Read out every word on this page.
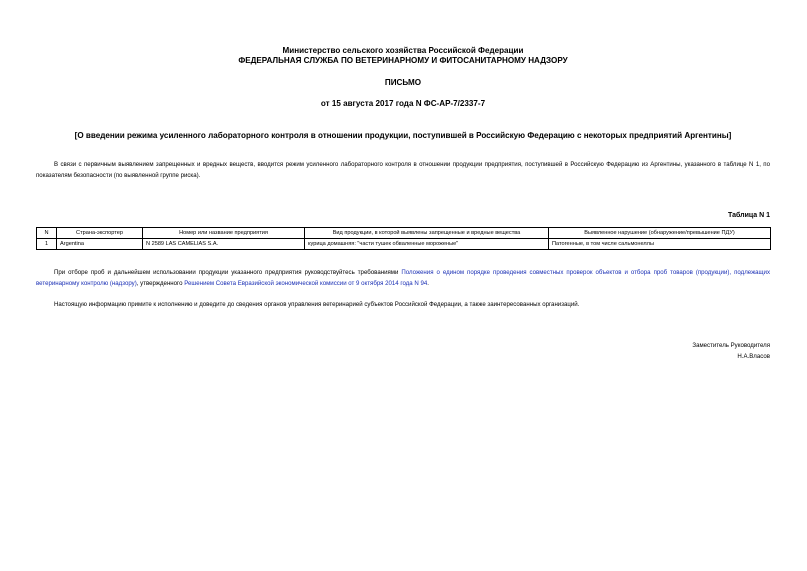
Министерство сельского хозяйства Российской Федерации
ФЕДЕРАЛЬНАЯ СЛУЖБА ПО ВЕТЕРИНАРНОМУ И ФИТОСАНИТАРНОМУ НАДЗОРУ
ПИСЬМО
от 15 августа 2017 года N ФС-АР-7/2337-7
[О введении режима усиленного лабораторного контроля в отношении продукции, поступившей в Российскую Федерацию с некоторых предприятий Аргентины]
В связи с первичным выявлением запрещенных и вредных веществ, вводится режим усиленного лабораторного контроля в отношении продукции предприятия, поступившей в Российскую Федерацию из Аргентины, указанного в таблице N 1, по показателям безопасности (по выявленной группе риска).
Таблица N 1
N	Страна-экспортер	Номер или название предприятия	Вид продукции, в которой выявлены запрещенные и вредные вещества	Выявленное нарушение (обнаружение/превышение ПДУ)
1	Argentina	N 2589 LAS CAMELIAS S.A.	курица домашняя: "части тушек обваленные мороженые"	Патогенные, в том числе сальмонеллы
При отборе проб и дальнейшем использовании продукции указанного предприятия руководствуйтесь требованиями Положения о едином порядке проведения совместных проверок объектов и отбора проб товаров (продукции), подлежащих ветеринарному контролю (надзору), утвержденного Решением Совета Евразийской экономической комиссии от 9 октября 2014 года N 94.
Настоящую информацию примите к исполнению и доведите до сведения органов управления ветеринарией субъектов Российской Федерации, а также заинтересованных организаций.
Заместитель Руководителя
Н.А.Власов
